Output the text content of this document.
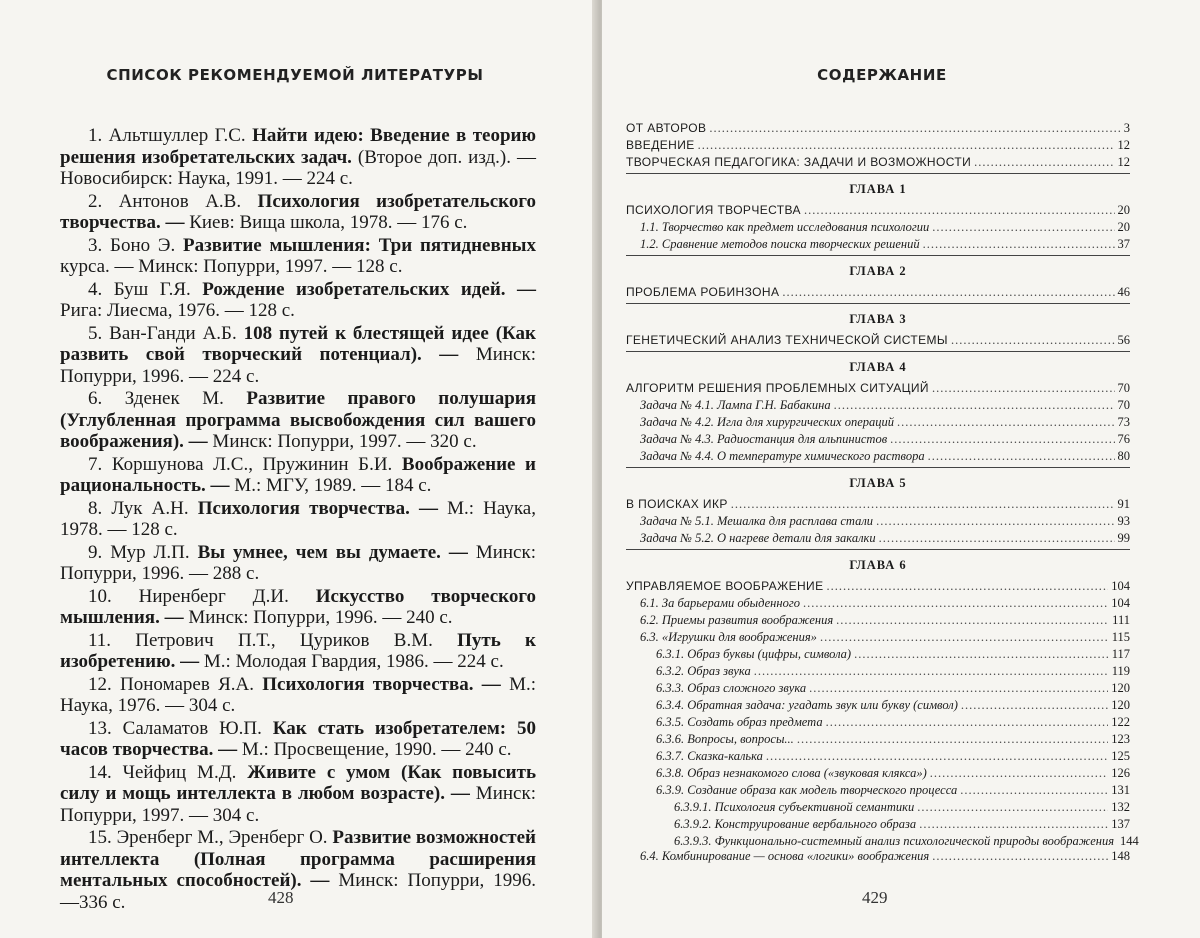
СПИСОК РЕКОМЕНДУЕМОЙ ЛИТЕРАТУРЫ
1. Альтшуллер Г.С. Найти идею: Введение в теорию решения изобретательских задач. (Второе доп. изд.). — Новосибирск: Наука, 1991. — 224 с.
2. Антонов А.В. Психология изобретательского творчества. — Киев: Вища школа, 1978. — 176 с.
3. Боно Э. Развитие мышления: Три пятидневных курса. — Минск: Попурри, 1997. — 128 с.
4. Буш Г.Я. Рождение изобретательских идей. — Рига: Лиесма, 1976. — 128 с.
5. Ван-Ганди А.Б. 108 путей к блестящей идее (Как развить свой творческий потенциал). — Минск: Попурри, 1996. — 224 с.
6. Зденек М. Развитие правого полушария (Углубленная программа высвобождения сил вашего воображения). — Минск: Попурри, 1997. — 320 с.
7. Коршунова Л.С., Пружинин Б.И. Воображение и рациональность. — М.: МГУ, 1989. — 184 с.
8. Лук А.Н. Психология творчества. — М.: Наука, 1978. — 128 с.
9. Мур Л.П. Вы умнее, чем вы думаете. — Минск: Попурри, 1996. — 288 с.
10. Ниренберг Д.И. Искусство творческого мышления. — Минск: Попурри, 1996. — 240 с.
11. Петрович П.Т., Цуриков В.М. Путь к изобретению. — М.: Молодая Гвардия, 1986. — 224 с.
12. Пономарев Я.А. Психология творчества. — М.: Наука, 1976. — 304 с.
13. Саламатов Ю.П. Как стать изобретателем: 50 часов творчества. — М.: Просвещение, 1990. — 240 с.
14. Чейфиц М.Д. Живите с умом (Как повысить силу и мощь интеллекта в любом возрасте). — Минск: Попурри, 1997. — 304 с.
15. Эренберг М., Эренберг О. Развитие возможностей интеллекта (Полная программа расширения ментальных способностей). — Минск: Попурри, 1996. —336 с.	428
СОДЕРЖАНИЕ
ОТ АВТОРОВ .....	3
ВВЕДЕНИЕ .....	12
ТВОРЧЕСКАЯ ПЕДАГОГИКА: ЗАДАЧИ И ВОЗМОЖНОСТИ .....	12
ГЛАВА 1
ПСИХОЛОГИЯ ТВОРЧЕСТВА .....	20
1.1. Творчество как предмет исследования психологии .....	20
1.2. Сравнение методов поиска творческих решений .....	37
ГЛАВА 2
ПРОБЛЕМА РОБИНЗОНА .....	46
ГЛАВА 3
ГЕНЕТИЧЕСКИЙ АНАЛИЗ ТЕХНИЧЕСКОЙ СИСТЕМЫ .....	56
ГЛАВА 4
АЛГОРИТМ РЕШЕНИЯ ПРОБЛЕМНЫХ СИТУАЦИЙ .....	70
Задача № 4.1. Лампа Г.Н. Бабакина .....	70
Задача № 4.2. Игла для хирургических операций .....	73
Задача № 4.3. Радиостанция для альпинистов .....	76
Задача № 4.4. О температуре химического раствора .....	80
ГЛАВА 5
В ПОИСКАХ ИКР .....	91
Задача № 5.1. Мешалка для расплава стали .....	93
Задача № 5.2. О нагреве детали для закалки .....	99
ГЛАВА 6
УПРАВЛЯЕМОЕ ВООБРАЖЕНИЕ .....	104
6.1. За барьерами обыденного .....	104
6.2. Приемы развития воображения .....	111
6.3. «Игрушки для воображения» .....	115
6.3.1. Образ буквы (цифры, символа) .....	117
6.3.2. Образ звука .....	119
6.3.3. Образ сложного звука .....	120
6.3.4. Обратная задача: угадать звук или букву (символ) .....	120
6.3.5. Создать образ предмета .....	122
6.3.6. Вопросы, вопросы... .....	123
6.3.7. Сказка-калька .....	125
6.3.8. Образ незнакомого слова («звуковая клякса») .....	126
6.3.9. Создание образа как модель творческого процесса .....	131
6.3.9.1. Психология субъективной семантики .....	132
6.3.9.2. Конструирование вербального образа .....	137
6.3.9.3. Функционально-системный анализ психологической природы воображения 144
6.4. Комбинирование — основа «логики» воображения .....	148
429
